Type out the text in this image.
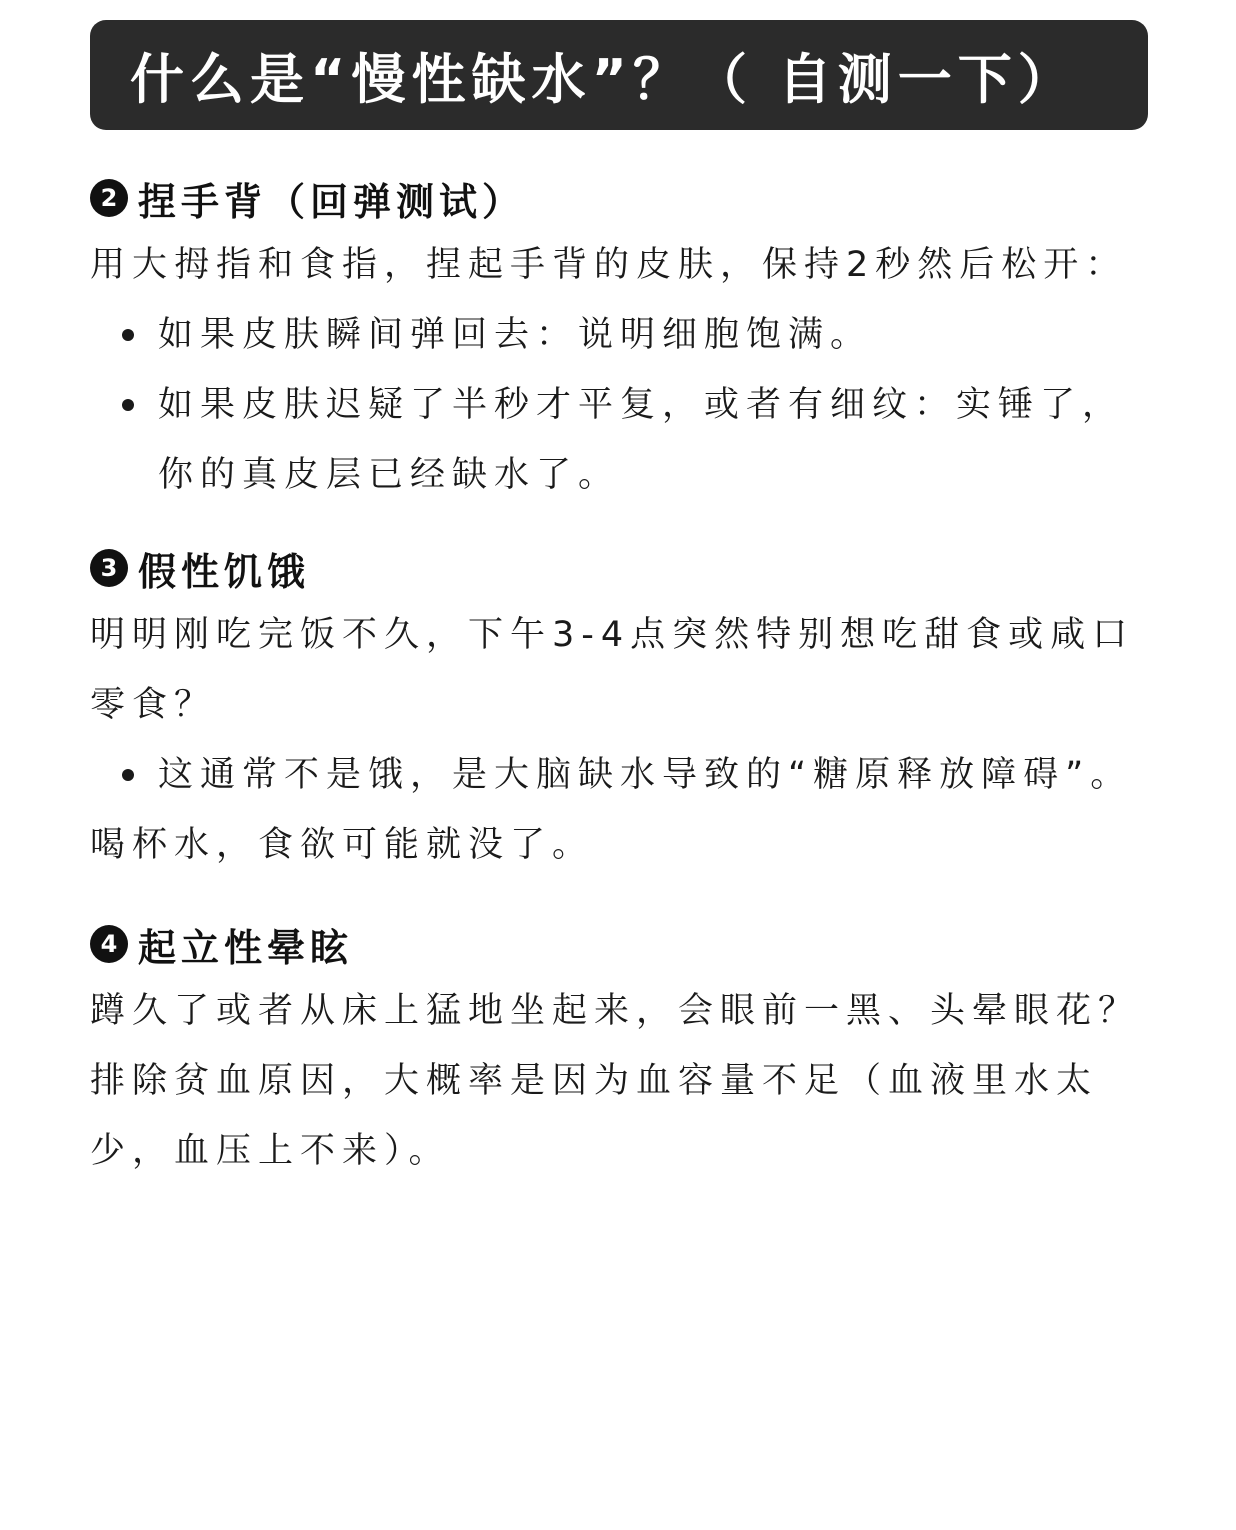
什么是“慢性缺水”？（ 自测一下）
2 捏手背（回弹测试）

用大拇指和食指，捏起手背的皮肤，保持2秒然后松开：

如果皮肤瞬间弹回去：说明细胞饱满。
如果皮肤迟疑了半秒才平复，或者有细纹：实锤了，你的真皮层已经缺水了。
3 假性饥饿

明明刚吃完饭不久，下午3-4点突然特别想吃甜食或咸口零食？

这通常不是饿，是大脑缺水导致的“糖原释放障碍”。

喝杯水，食欲可能就没了。

4 起立性晕眩

蹲久了或者从床上猛地坐起来，会眼前一黑、头晕眼花？

排除贫血原因，大概率是因为血容量不足（血液里水太少，血压上不来）。
